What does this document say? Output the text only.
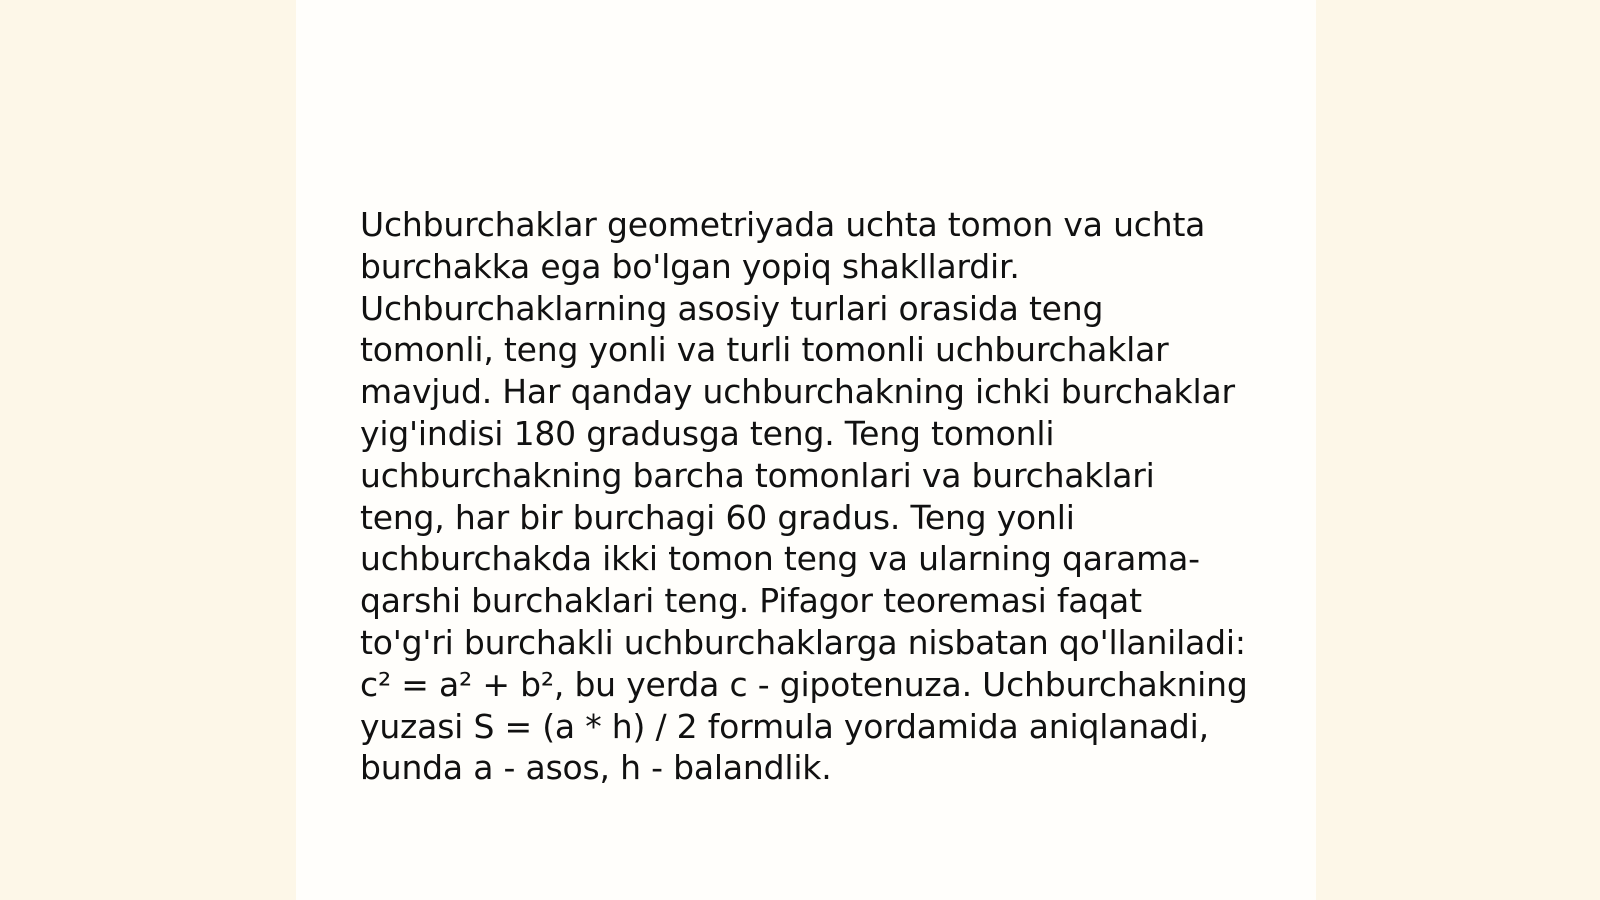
Uchburchaklar geometriyada uchta tomon va uchta
burchakka ega bo'lgan yopiq shakllardir.
Uchburchaklarning asosiy turlari orasida teng
tomonli, teng yonli va turli tomonli uchburchaklar
mavjud. Har qanday uchburchakning ichki burchaklar
yig'indisi 180 gradusga teng. Teng tomonli
uchburchakning barcha tomonlari va burchaklari
teng, har bir burchagi 60 gradus. Teng yonli
uchburchakda ikki tomon teng va ularning qarama-
qarshi burchaklari teng. Pifagor teoremasi faqat
to'g'ri burchakli uchburchaklarga nisbatan qo'llaniladi:
c² = a² + b², bu yerda c - gipotenuza. Uchburchakning
yuzasi S = (a * h) / 2 formula yordamida aniqlanadi,
bunda a - asos, h - balandlik.
